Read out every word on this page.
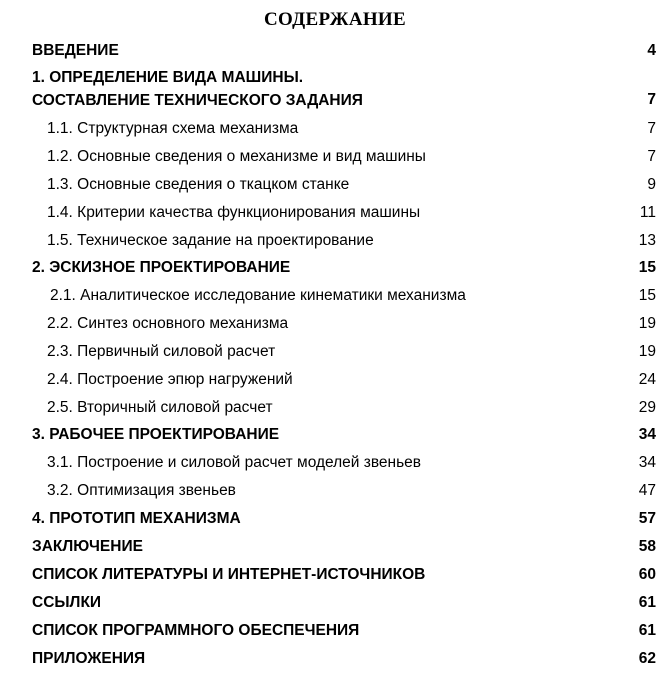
СОДЕРЖАНИЕ
ВВЕДЕНИЕ	4
1. ОПРЕДЕЛЕНИЕ ВИДА МАШИНЫ.
СОСТАВЛЕНИЕ ТЕХНИЧЕСКОГО ЗАДАНИЯ	7
1.1. Структурная схема механизма	7
1.2. Основные сведения о механизме и вид машины	7
1.3. Основные сведения о ткацком станке	9
1.4. Критерии качества функционирования машины	11
1.5. Техническое задание на проектирование	13
2. ЭСКИЗНОЕ ПРОЕКТИРОВАНИЕ	15
2.1. Аналитическое исследование кинематики механизма	15
2.2. Синтез основного механизма	19
2.3. Первичный силовой расчет	19
2.4. Построение эпюр нагружений	24
2.5. Вторичный силовой расчет	29
3. РАБОЧЕЕ ПРОЕКТИРОВАНИЕ	34
3.1. Построение и силовой расчет моделей звеньев	34
3.2. Оптимизация звеньев	47
4. ПРОТОТИП МЕХАНИЗМА	57
ЗАКЛЮЧЕНИЕ	58
СПИСОК ЛИТЕРАТУРЫ И ИНТЕРНЕТ-ИСТОЧНИКОВ	60
ССЫЛКИ	61
СПИСОК ПРОГРАММНОГО ОБЕСПЕЧЕНИЯ	61
ПРИЛОЖЕНИЯ	62
